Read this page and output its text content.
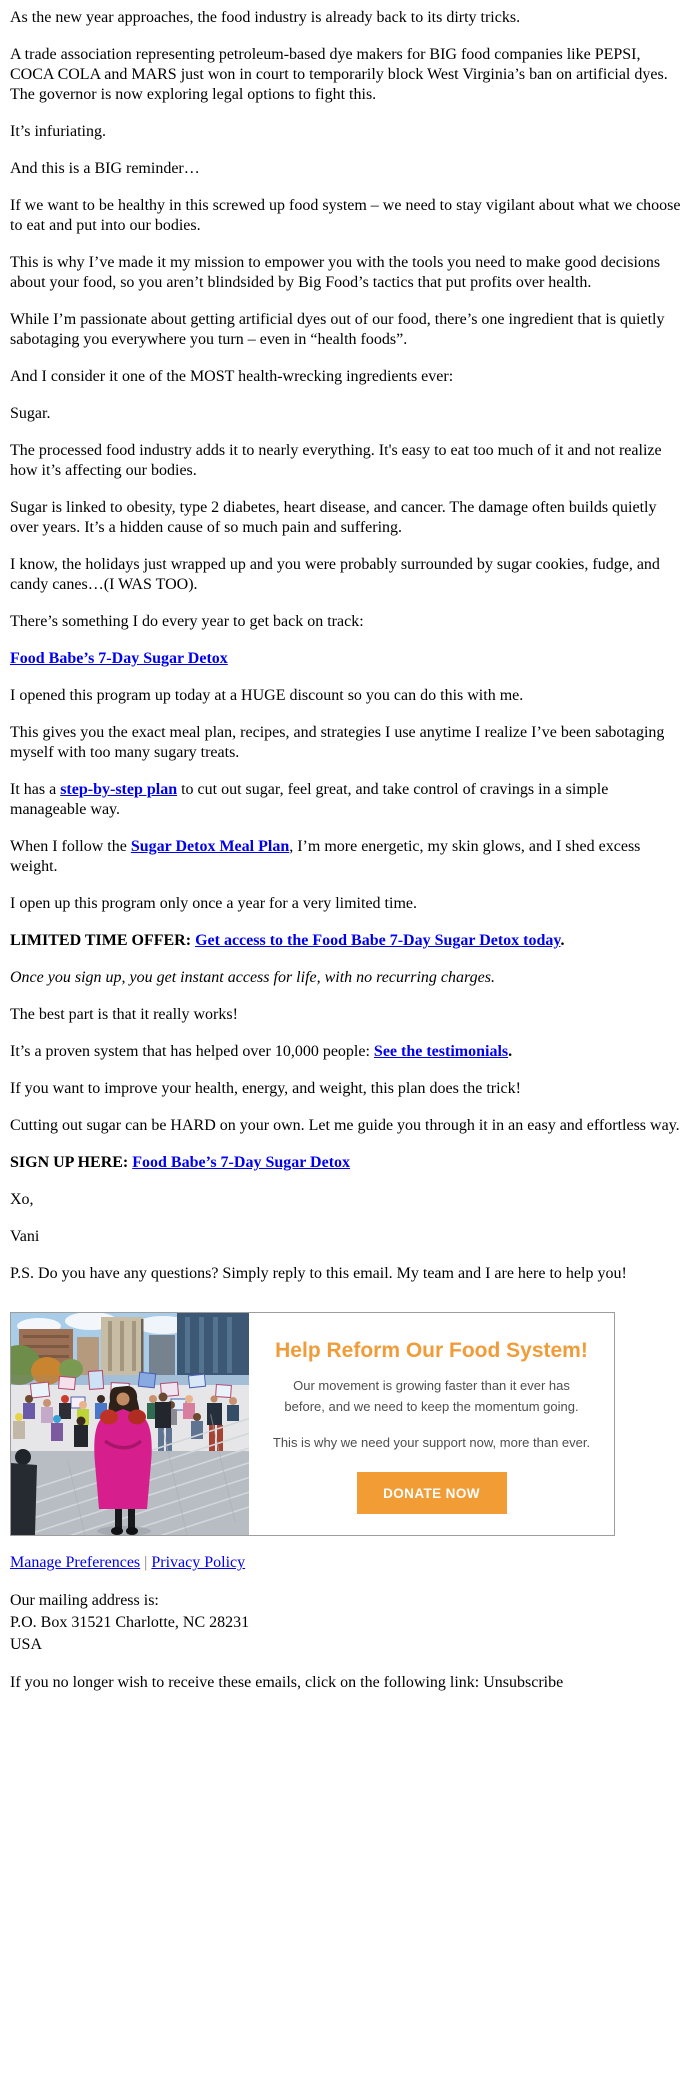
As the new year approaches, the food industry is already back to its dirty tricks.

A trade association representing petroleum-based dye makers for BIG food companies like PEPSI, COCA COLA and MARS just won in court to temporarily block West Virginia’s ban on artificial dyes. The governor is now exploring legal options to fight this.

It’s infuriating.

And this is a BIG reminder…

If we want to be healthy in this screwed up food system – we need to stay vigilant about what we choose to eat and put into our bodies.

This is why I’ve made it my mission to empower you with the tools you need to make good decisions about your food, so you aren’t blindsided by Big Food’s tactics that put profits over health.

While I’m passionate about getting artificial dyes out of our food, there’s one ingredient that is quietly sabotaging you everywhere you turn – even in “health foods”.

And I consider it one of the MOST health-wrecking ingredients ever:

Sugar.

The processed food industry adds it to nearly everything. It's easy to eat too much of it and not realize how it’s affecting our bodies.

Sugar is linked to obesity, type 2 diabetes, heart disease, and cancer. The damage often builds quietly over years. It’s a hidden cause of so much pain and suffering.

I know, the holidays just wrapped up and you were probably surrounded by sugar cookies, fudge, and candy canes…(I WAS TOO).

There’s something I do every year to get back on track:

Food Babe’s 7-Day Sugar Detox

I opened this program up today at a HUGE discount so you can do this with me.

This gives you the exact meal plan, recipes, and strategies I use anytime I realize I’ve been sabotaging myself with too many sugary treats.

It has a step-by-step plan to cut out sugar, feel great, and take control of cravings in a simple manageable way.

When I follow the Sugar Detox Meal Plan, I’m more energetic, my skin glows, and I shed excess weight.

I open up this program only once a year for a very limited time.

LIMITED TIME OFFER: Get access to the Food Babe 7-Day Sugar Detox today.

Once you sign up, you get instant access for life, with no recurring charges.

The best part is that it really works!

It’s a proven system that has helped over 10,000 people: See the testimonials.

If you want to improve your health, energy, and weight, this plan does the trick!

Cutting out sugar can be HARD on your own. Let me guide you through it in an easy and effortless way.

SIGN UP HERE: Food Babe’s 7-Day Sugar Detox

Xo,

Vani

P.S. Do you have any questions? Simply reply to this email. My team and I are here to help you!

Help Reform Our Food System!
Our movement is growing faster than it ever has before, and we need to keep the momentum going.
This is why we need your support now, more than ever.
DONATE NOW

Manage Preferences | Privacy Policy

Our mailing address is:
P.O. Box 31521 Charlotte, NC 28231
USA

If you no longer wish to receive these emails, click on the following link: Unsubscribe
